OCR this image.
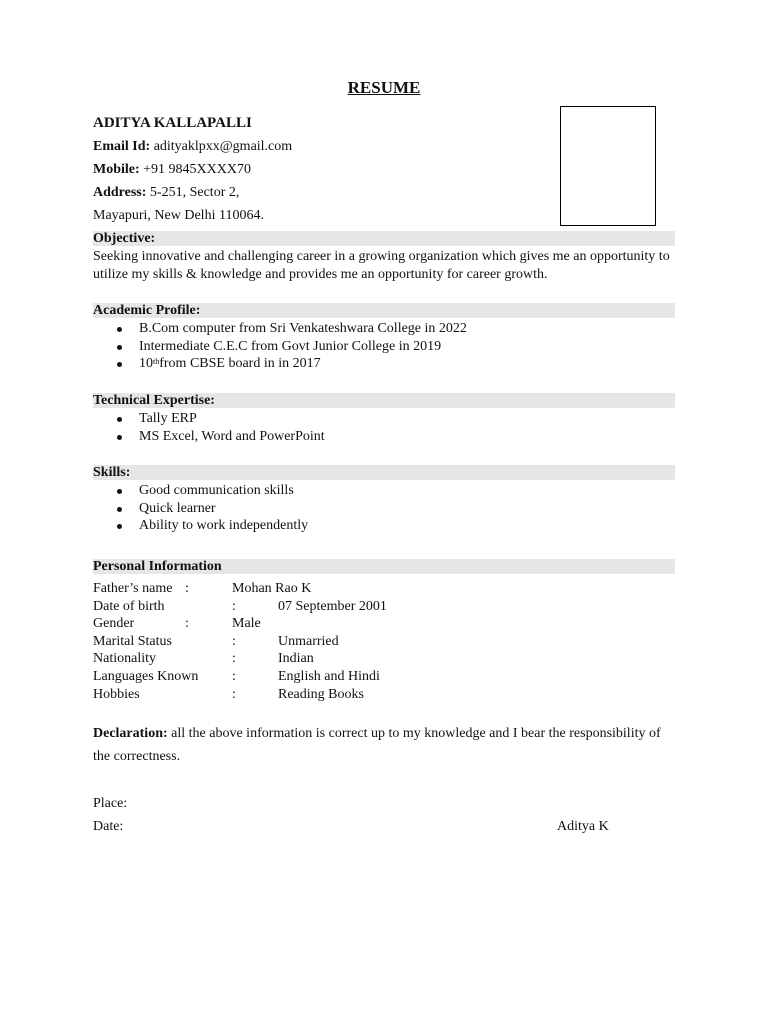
RESUME
ADITYA KALLAPALLI
Email Id: adityaklpxx@gmail.com
Mobile: +91 9845XXXX70
Address: 5-251, Sector 2,
Mayapuri, New Delhi 110064.
Objective:
Seeking innovative and challenging career in a growing organization which gives me an opportunity to utilize my skills & knowledge and provides me an opportunity for career growth.
Academic Profile:
B.Com computer from Sri Venkateshwara College in 2022
Intermediate C.E.C from Govt Junior College in 2019
10thfrom CBSE board in in 2017
Technical Expertise:
Tally ERP
MS Excel, Word and PowerPoint
Skills:
Good communication skills
Quick learner
Ability to work independently
Personal Information
Father’s name :	Mohan Rao K
Date of birth	:	07 September 2001
Gender	:	Male
Marital Status	:	Unmarried
Nationality	:	Indian
Languages Known :	English and Hindi
Hobbies	:	Reading Books
Declaration: all the above information is correct up to my knowledge and I bear the responsibility of the correctness.
Place:
Date:	Aditya K
